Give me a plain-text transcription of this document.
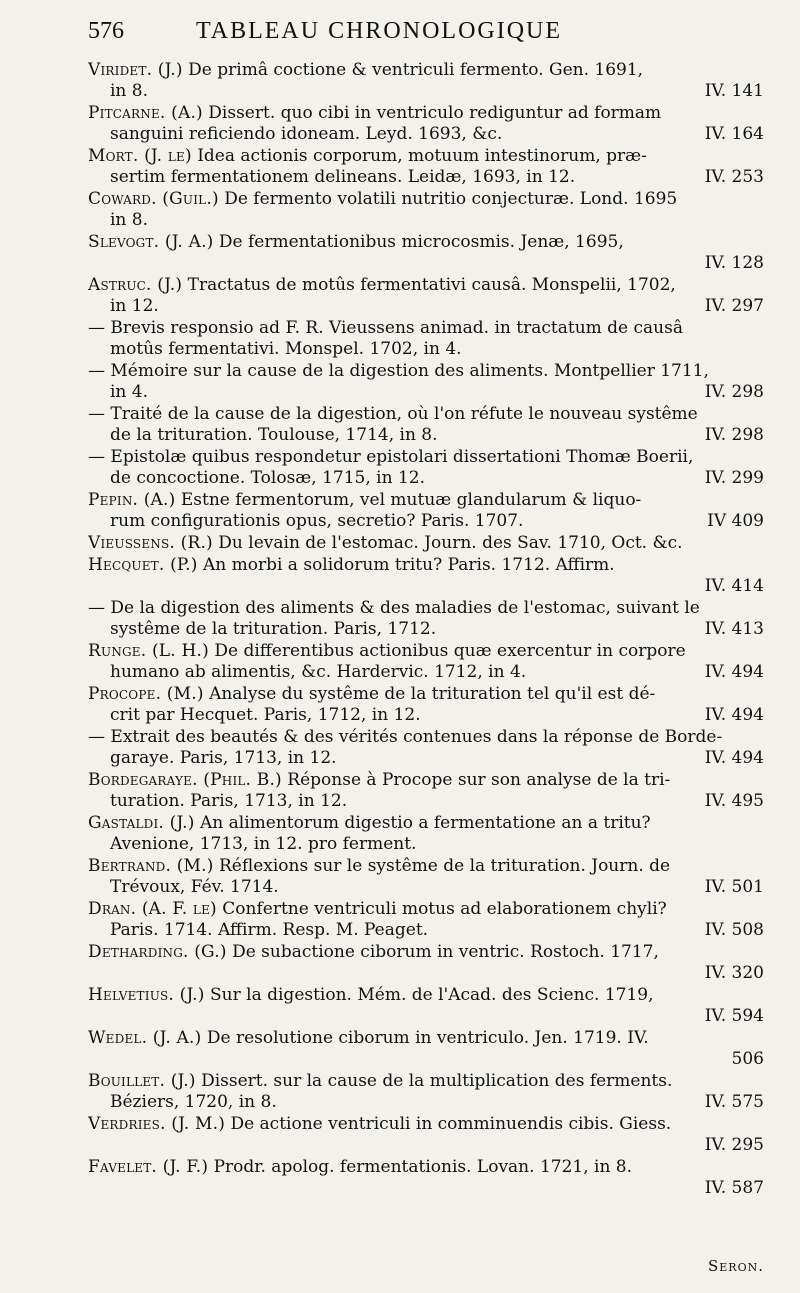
576	TABLEAU CHRONOLOGIQUE
Viridet. (J.) De primâ coctione & ventriculi fermento. Gen. 1691,
in 8.	IV. 141
Pitcarne. (A.) Dissert. quo cibi in ventriculo rediguntur ad formam
sanguini reficiendo idoneam. Leyd. 1693, &c.	IV. 164
Mort. (J. le) Idea actionis corporum, motuum intestinorum, præ-
sertim fermentationem delineans. Leidæ, 1693, in 12.	IV. 253
Coward. (Guil.) De fermento volatili nutritio conjecturæ. Lond. 1695
in 8.
Slevogt. (J. A.) De fermentationibus microcosmis. Jenæ, 1695,
IV. 128
Astruc. (J.) Tractatus de motûs fermentativi causâ. Monspelii, 1702,
in 12.	IV. 297
— Brevis responsio ad F. R. Vieussens animad. in tractatum de causâ
motûs fermentativi. Monspel. 1702, in 4.
— Mémoire sur la cause de la digestion des aliments. Montpellier 1711,
in 4.	IV. 298
— Traité de la cause de la digestion, où l'on réfute le nouveau systême
de la trituration. Toulouse, 1714, in 8.	IV. 298
— Epistolæ quibus respondetur epistolari dissertationi Thomæ Boerii,
de concoctione. Tolosæ, 1715, in 12.	IV. 299
Pepin. (A.) Estne fermentorum, vel mutuæ glandularum & liquo-
rum configurationis opus, secretio? Paris. 1707.	IV 409
Vieussens. (R.) Du levain de l'estomac. Journ. des Sav. 1710, Oct. &c.
Hecquet. (P.) An morbi a solidorum tritu? Paris. 1712. Affirm.
IV. 414
— De la digestion des aliments & des maladies de l'estomac, suivant le
systême de la trituration. Paris, 1712.	IV. 413
Runge. (L. H.) De differentibus actionibus quæ exercentur in corpore
humano ab alimentis, &c. Hardervic. 1712, in 4.	IV. 494
Procope. (M.) Analyse du systême de la trituration tel qu'il est dé-
crit par Hecquet. Paris, 1712, in 12.	IV. 494
— Extrait des beautés & des vérités contenues dans la réponse de Borde-
garaye. Paris, 1713, in 12.	IV. 494
Bordegaraye. (Phil. B.) Réponse à Procope sur son analyse de la tri-
turation. Paris, 1713, in 12.	IV. 495
Gastaldi. (J.) An alimentorum digestio a fermentatione an a tritu?
Avenione, 1713, in 12. pro ferment.
Bertrand. (M.) Réflexions sur le systême de la trituration. Journ. de
Trévoux, Fév. 1714.	IV. 501
Dran. (A. F. le) Confertne ventriculi motus ad elaborationem chyli?
Paris. 1714. Affirm. Resp. M. Peaget.	IV. 508
Detharding. (G.) De subactione ciborum in ventric. Rostoch. 1717,
IV. 320
Helvetius. (J.) Sur la digestion. Mém. de l'Acad. des Scienc. 1719,
IV. 594
Wedel. (J. A.) De resolutione ciborum in ventriculo. Jen. 1719. IV.
506
Bouillet. (J.) Dissert. sur la cause de la multiplication des ferments.
Béziers, 1720, in 8.	IV. 575
Verdries. (J. M.) De actione ventriculi in comminuendis cibis. Giess.
IV. 295
Favelet. (J. F.) Prodr. apolog. fermentationis. Lovan. 1721, in 8.
IV. 587
Seron.
